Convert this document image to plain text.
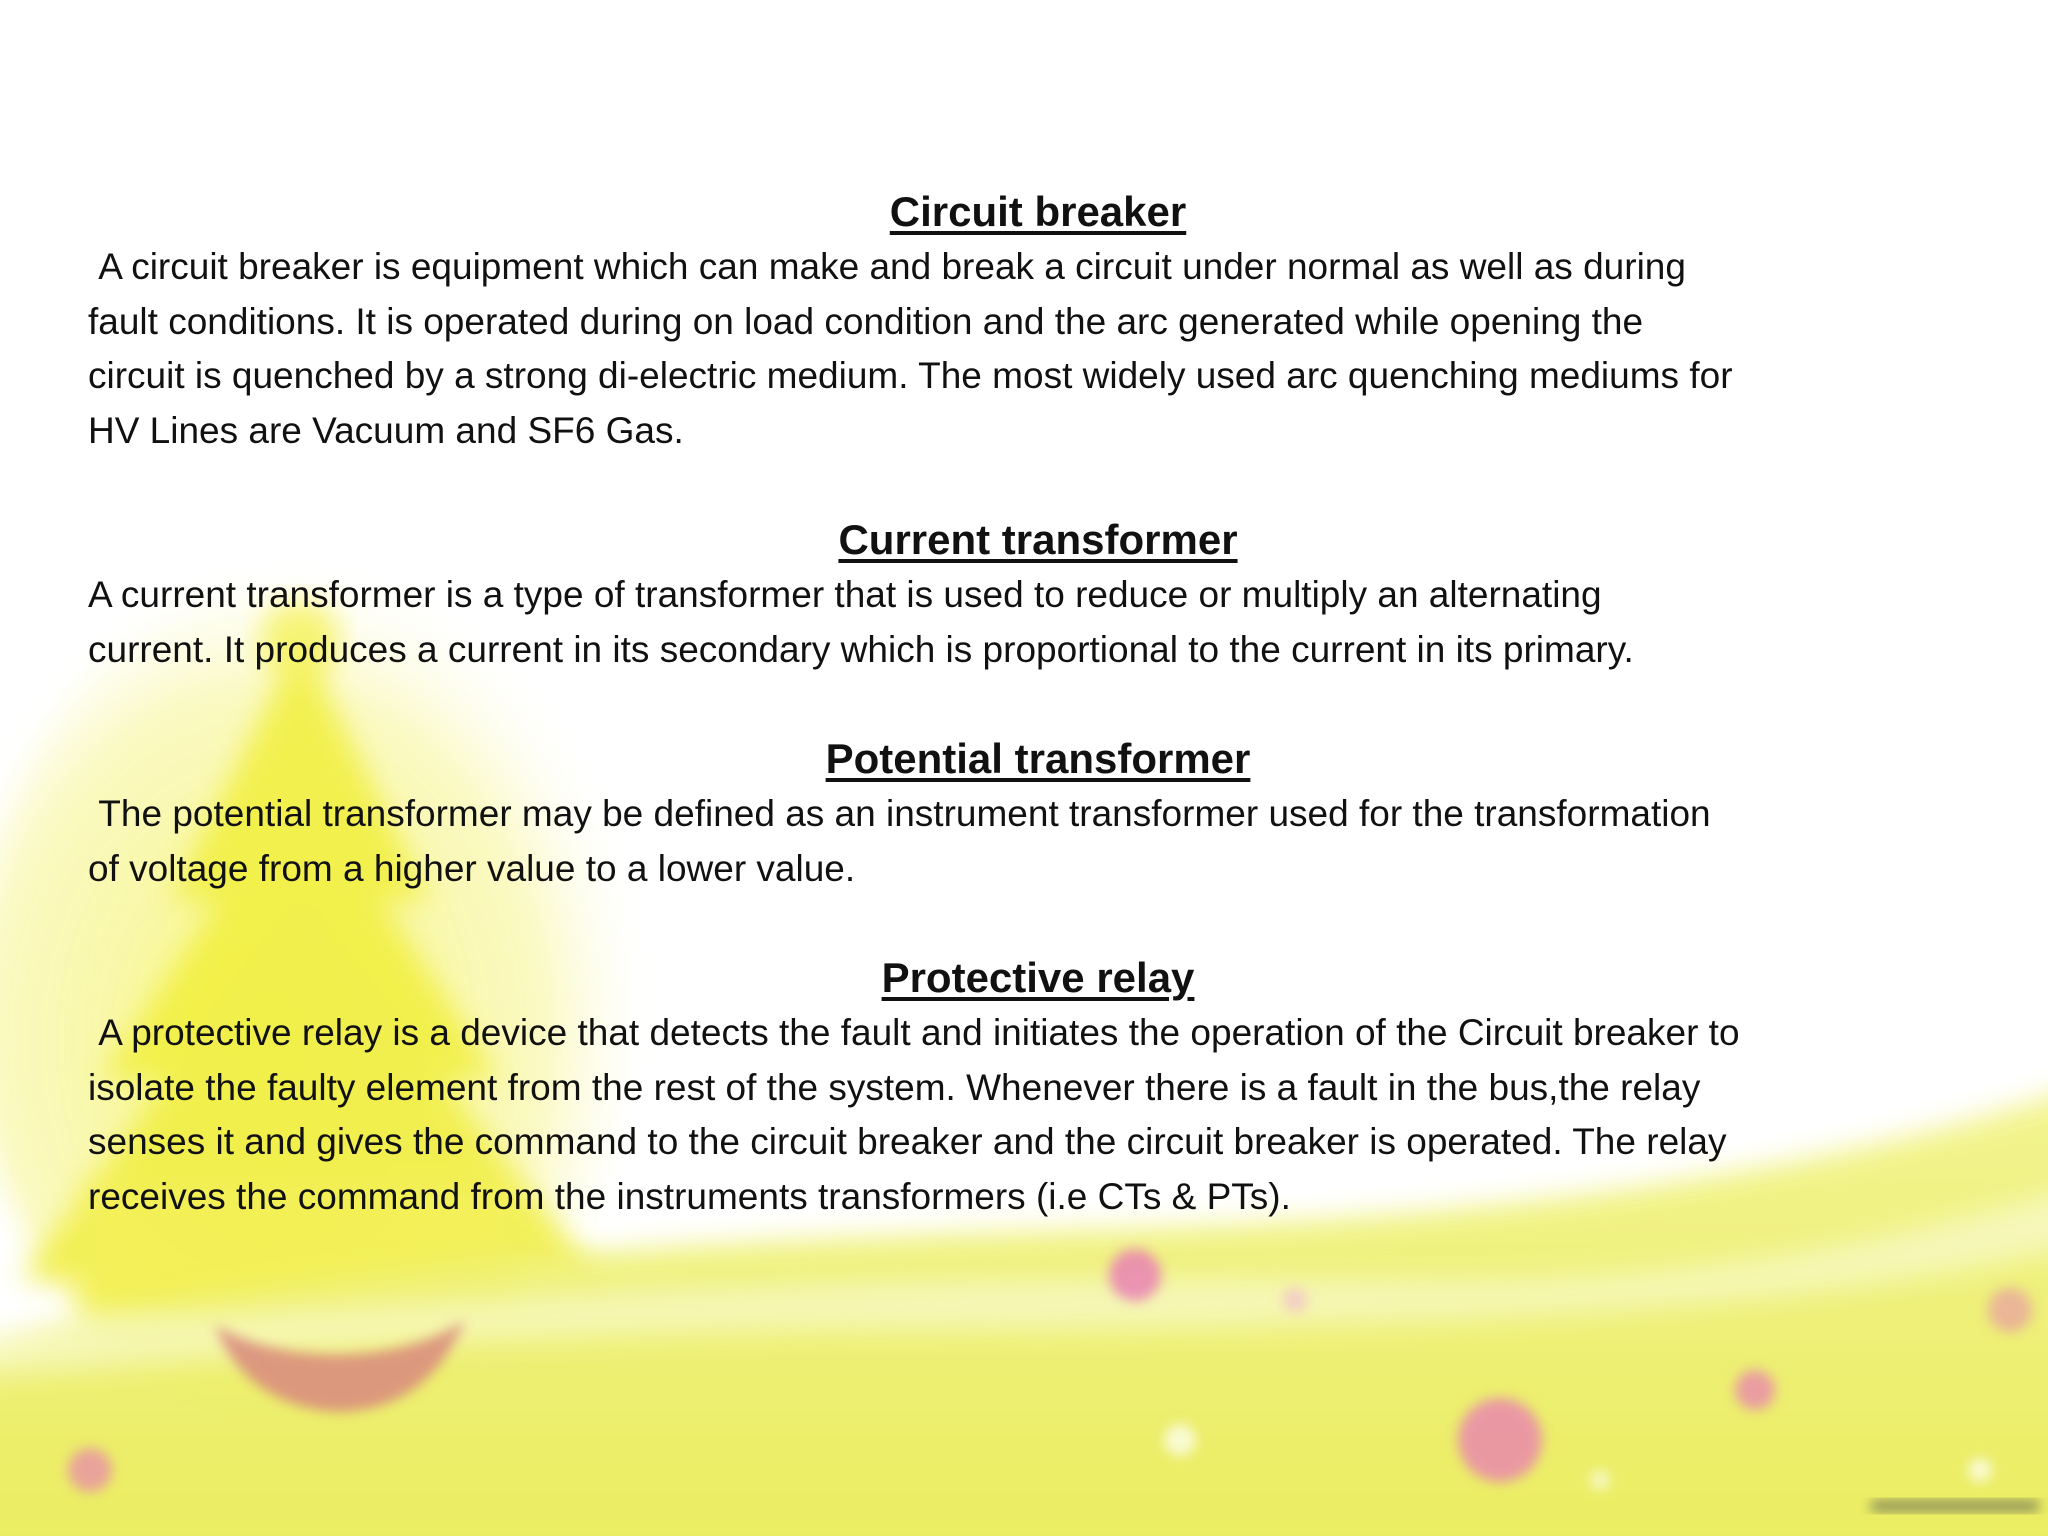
Circuit breaker

A circuit breaker is equipment which can make and break a circuit under normal as well as during
fault conditions. It is operated during on load condition and the arc generated while opening the
circuit is quenched by a strong di-electric medium. The most widely used arc quenching mediums for
HV Lines are Vacuum and SF6 Gas.

Current transformer

A current transformer is a type of transformer that is used to reduce or multiply an alternating
current. It produces a current in its secondary which is proportional to the current in its primary.

Potential transformer

The potential transformer may be defined as an instrument transformer used for the transformation
of voltage from a higher value to a lower value.

Protective relay

A protective relay is a device that detects the fault and initiates the operation of the Circuit breaker to
isolate the faulty element from the rest of the system. Whenever there is a fault in the bus,the relay
senses it and gives the command to the circuit breaker and the circuit breaker is operated. The relay
receives the command from the instruments transformers (i.e CTs & PTs).
